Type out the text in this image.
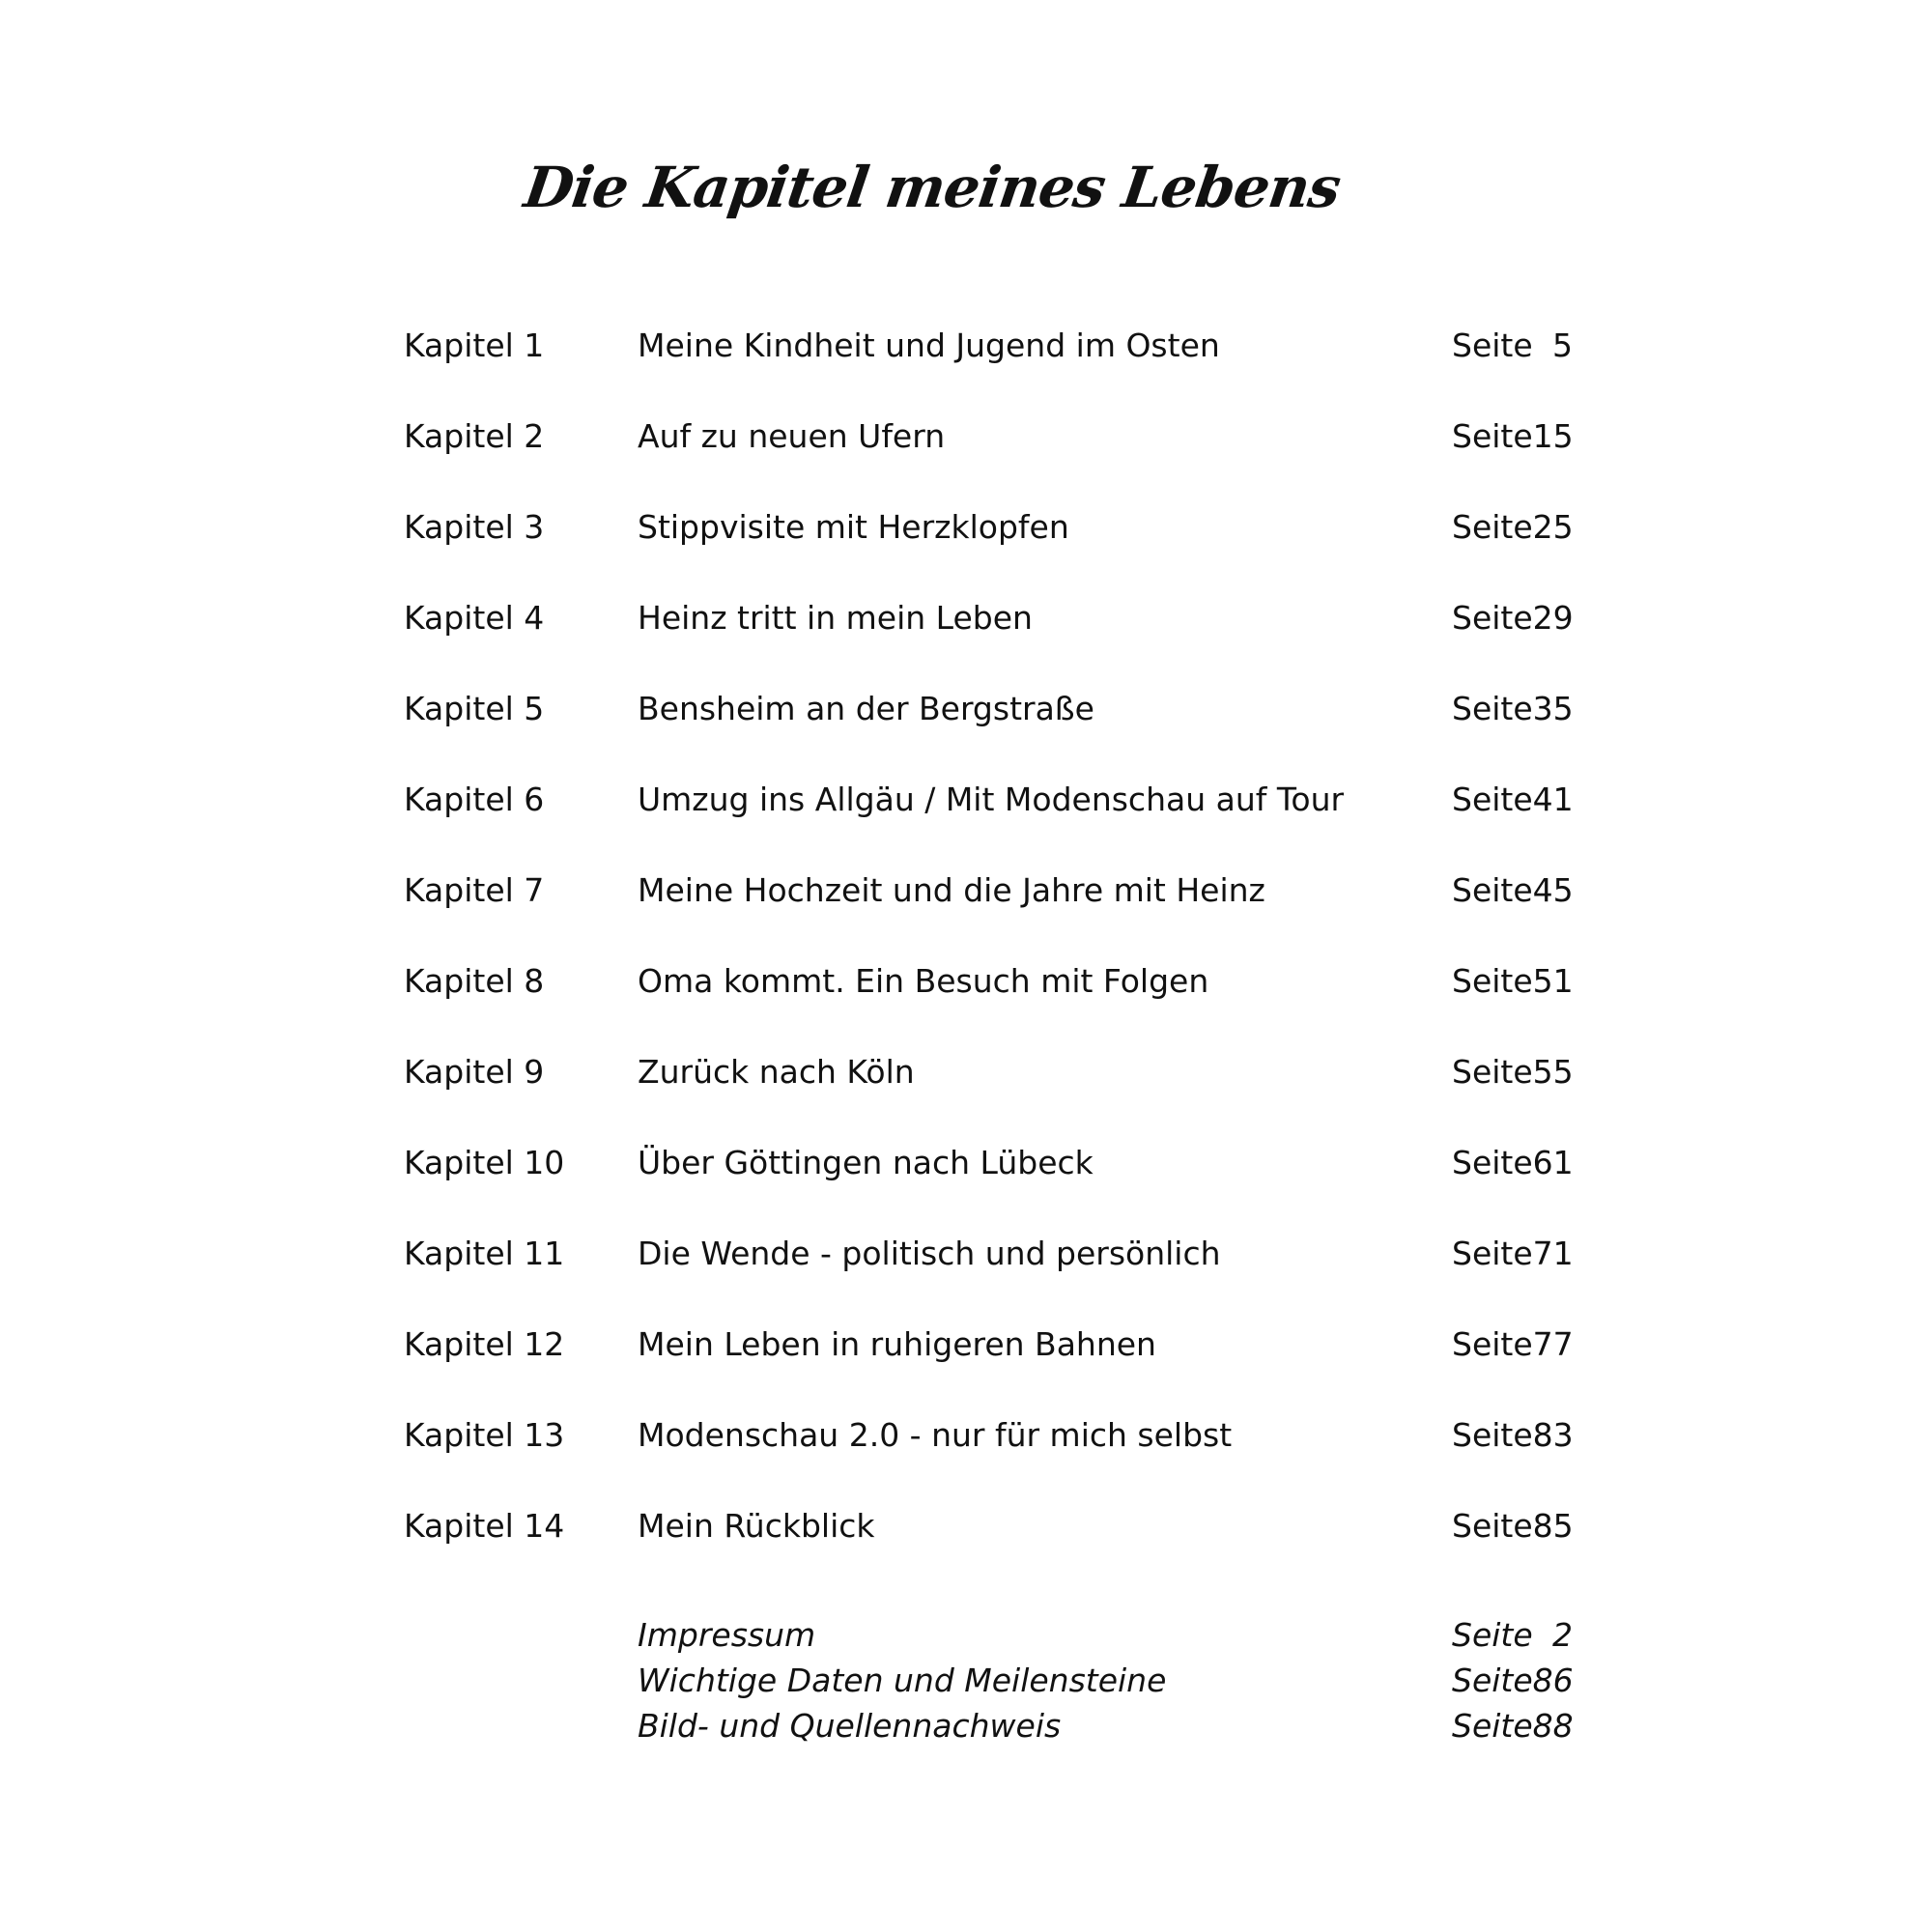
Die Kapitel meines Lebens
Kapitel 1	Meine Kindheit und Jugend im Osten	Seite 5
Kapitel 2	Auf zu neuen Ufern	Seite 15
Kapitel 3	Stippvisite mit Herzklopfen	Seite 25
Kapitel 4	Heinz tritt in mein Leben	Seite 29
Kapitel 5	Bensheim an der Bergstraße	Seite 35
Kapitel 6	Umzug ins Allgäu / Mit Modenschau auf Tour	Seite 41
Kapitel 7	Meine Hochzeit und die Jahre mit Heinz	Seite 45
Kapitel 8	Oma kommt. Ein Besuch mit Folgen	Seite 51
Kapitel 9	Zurück nach Köln	Seite 55
Kapitel 10 Über Göttingen nach Lübeck	Seite 61
Kapitel 11 Die Wende - politisch und persönlich	Seite 71
Kapitel 12 Mein Leben in ruhigeren Bahnen	Seite 77
Kapitel 13 Modenschau 2.0 - nur für mich selbst	Seite 83
Kapitel 14 Mein Rückblick	Seite 85
Impressum	Seite 2
Wichtige Daten und Meilensteine	Seite 86
Bild- und Quellennachweis	Seite 88
